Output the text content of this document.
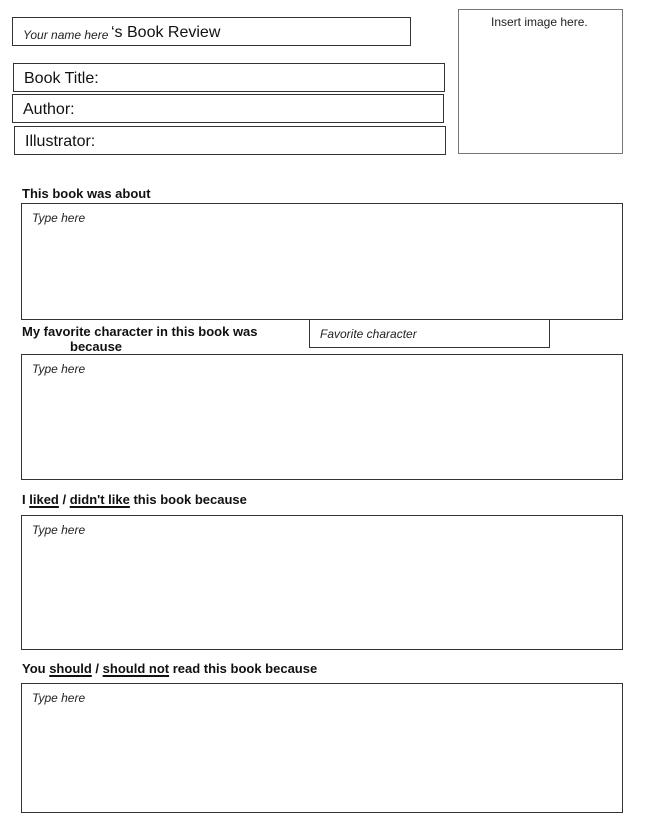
Your name here ‘s Book Review
Book Title:
Author:
Illustrator:
Insert image here.
This book was about
Type here
My favorite character in this book was
because
Favorite character
Type here
I liked / didn't like this book because
Type here
You should / should not read this book because
Type here
